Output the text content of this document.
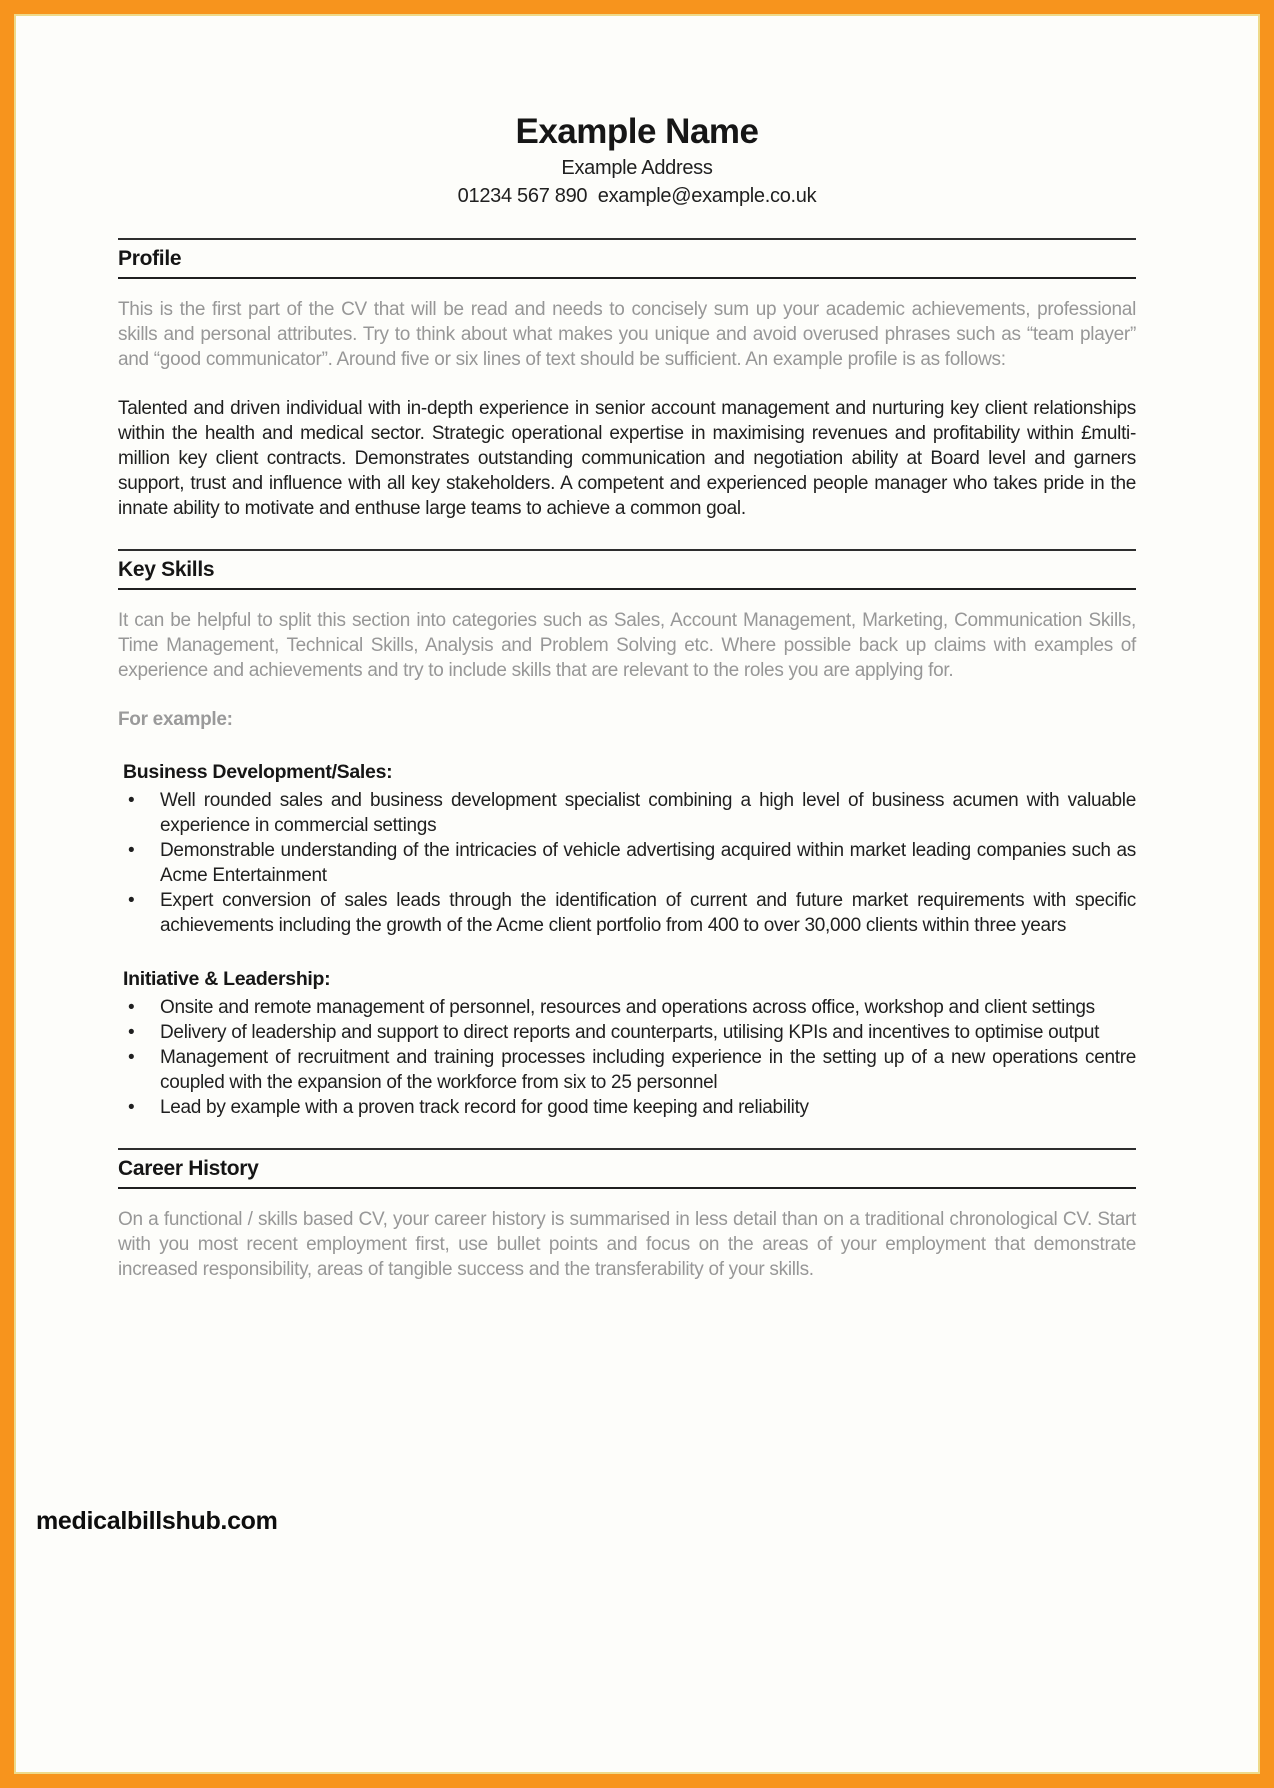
Example Name
Example Address
01234 567 890  example@example.co.uk
Profile

This is the first part of the CV that will be read and needs to concisely sum up your academic achievements, professional skills and personal attributes. Try to think about what makes you unique and avoid overused phrases such as “team player” and “good communicator”. Around five or six lines of text should be sufficient. An example profile is as follows:

Talented and driven individual with in-depth experience in senior account management and nurturing key client relationships within the health and medical sector. Strategic operational expertise in maximising revenues and profitability within £multi-million key client contracts. Demonstrates outstanding communication and negotiation ability at Board level and garners support, trust and influence with all key stakeholders. A competent and experienced people manager who takes pride in the innate ability to motivate and enthuse large teams to achieve a common goal.

Key Skills

It can be helpful to split this section into categories such as Sales, Account Management, Marketing, Communication Skills, Time Management, Technical Skills, Analysis and Problem Solving etc. Where possible back up claims with examples of experience and achievements and try to include skills that are relevant to the roles you are applying for.

For example:

Business Development/Sales:

• Well rounded sales and business development specialist combining a high level of business acumen with valuable experience in commercial settings
• Demonstrable understanding of the intricacies of vehicle advertising acquired within market leading companies such as Acme Entertainment
• Expert conversion of sales leads through the identification of current and future market requirements with specific achievements including the growth of the Acme client portfolio from 400 to over 30,000 clients within three years

Initiative & Leadership:

• Onsite and remote management of personnel, resources and operations across office, workshop and client settings
• Delivery of leadership and support to direct reports and counterparts, utilising KPIs and incentives to optimise output
• Management of recruitment and training processes including experience in the setting up of a new operations centre coupled with the expansion of the workforce from six to 25 personnel
• Lead by example with a proven track record for good time keeping and reliability
Career History

On a functional / skills based CV, your career history is summarised in less detail than on a traditional chronological CV. Start with you most recent employment first, use bullet points and focus on the areas of your employment that demonstrate increased responsibility, areas of tangible success and the transferability of your skills.

medicalbillshub.com
